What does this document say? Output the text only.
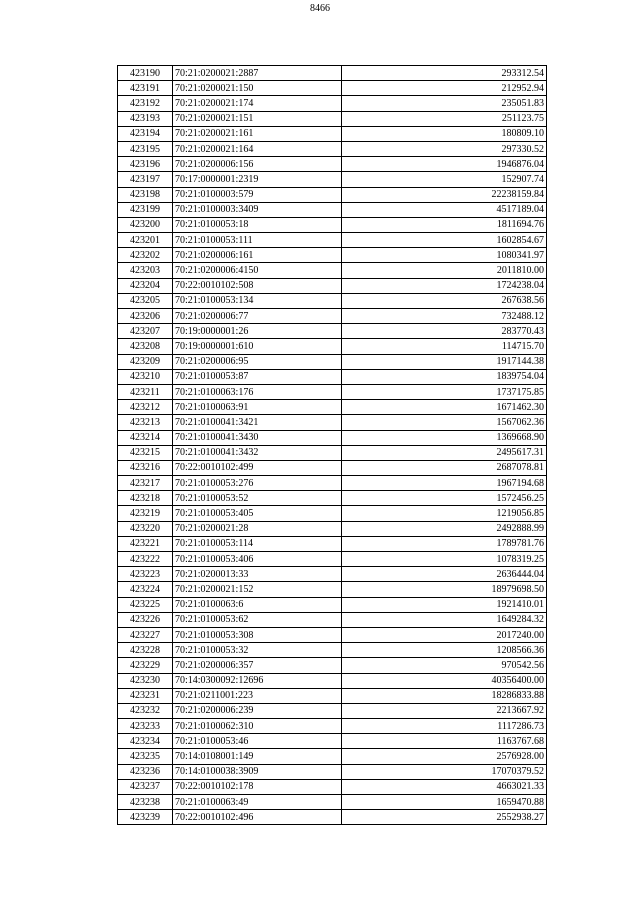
8466
423190	70:21:0200021:2887	293312.54
423191	70:21:0200021:150	212952.94
423192	70:21:0200021:174	235051.83
423193	70:21:0200021:151	251123.75
423194	70:21:0200021:161	180809.10
423195	70:21:0200021:164	297330.52
423196	70:21:0200006:156	1946876.04
423197	70:17:0000001:2319	152907.74
423198	70:21:0100003:579	22238159.84
423199	70:21:0100003:3409	4517189.04
423200	70:21:0100053:18	1811694.76
423201	70:21:0100053:111	1602854.67
423202	70:21:0200006:161	1080341.97
423203	70:21:0200006:4150	2011810.00
423204	70:22:0010102:508	1724238.04
423205	70:21:0100053:134	267638.56
423206	70:21:0200006:77	732488.12
423207	70:19:0000001:26	283770.43
423208	70:19:0000001:610	114715.70
423209	70:21:0200006:95	1917144.38
423210	70:21:0100053:87	1839754.04
423211	70:21:0100063:176	1737175.85
423212	70:21:0100063:91	1671462.30
423213	70:21:0100041:3421	1567062.36
423214	70:21:0100041:3430	1369668.90
423215	70:21:0100041:3432	2495617.31
423216	70:22:0010102:499	2687078.81
423217	70:21:0100053:276	1967194.68
423218	70:21:0100053:52	1572456.25
423219	70:21:0100053:405	1219056.85
423220	70:21:0200021:28	2492888.99
423221	70:21:0100053:114	1789781.76
423222	70:21:0100053:406	1078319.25
423223	70:21:0200013:33	2636444.04
423224	70:21:0200021:152	18979698.50
423225	70:21:0100063:6	1921410.01
423226	70:21:0100053:62	1649284.32
423227	70:21:0100053:308	2017240.00
423228	70:21:0100053:32	1208566.36
423229	70:21:0200006:357	970542.56
423230	70:14:0300092:12696	40356400.00
423231	70:21:0211001:223	18286833.88
423232	70:21:0200006:239	2213667.92
423233	70:21:0100062:310	1117286.73
423234	70:21:0100053:46	1163767.68
423235	70:14:0108001:149	2576928.00
423236	70:14:0100038:3909	17070379.52
423237	70:22:0010102:178	4663021.33
423238	70:21:0100063:49	1659470.88
423239	70:22:0010102:496	2552938.27
